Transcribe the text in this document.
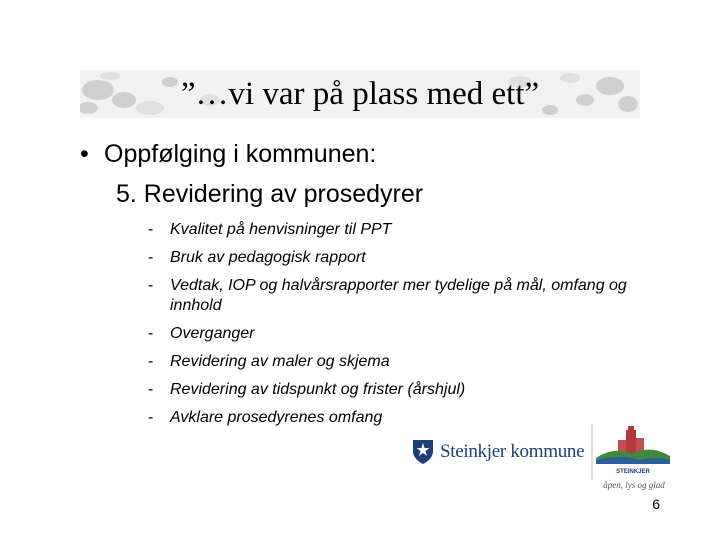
”…vi var på plass med ett”
• Oppfølging i kommunen:
5. Revidering av prosedyrer
- Kvalitet på henvisninger til PPT
- Bruk av pedagogisk rapport
- Vedtak, IOP og halvårsrapporter mer tydelige på mål, omfang og innhold
- Overganger
- Revidering av maler og skjema
- Revidering av tidspunkt og frister (årshjul)
- Avklare prosedyrenes omfang
Steinkjer kommune
STEINKJER
åpen, lys og glad
6
